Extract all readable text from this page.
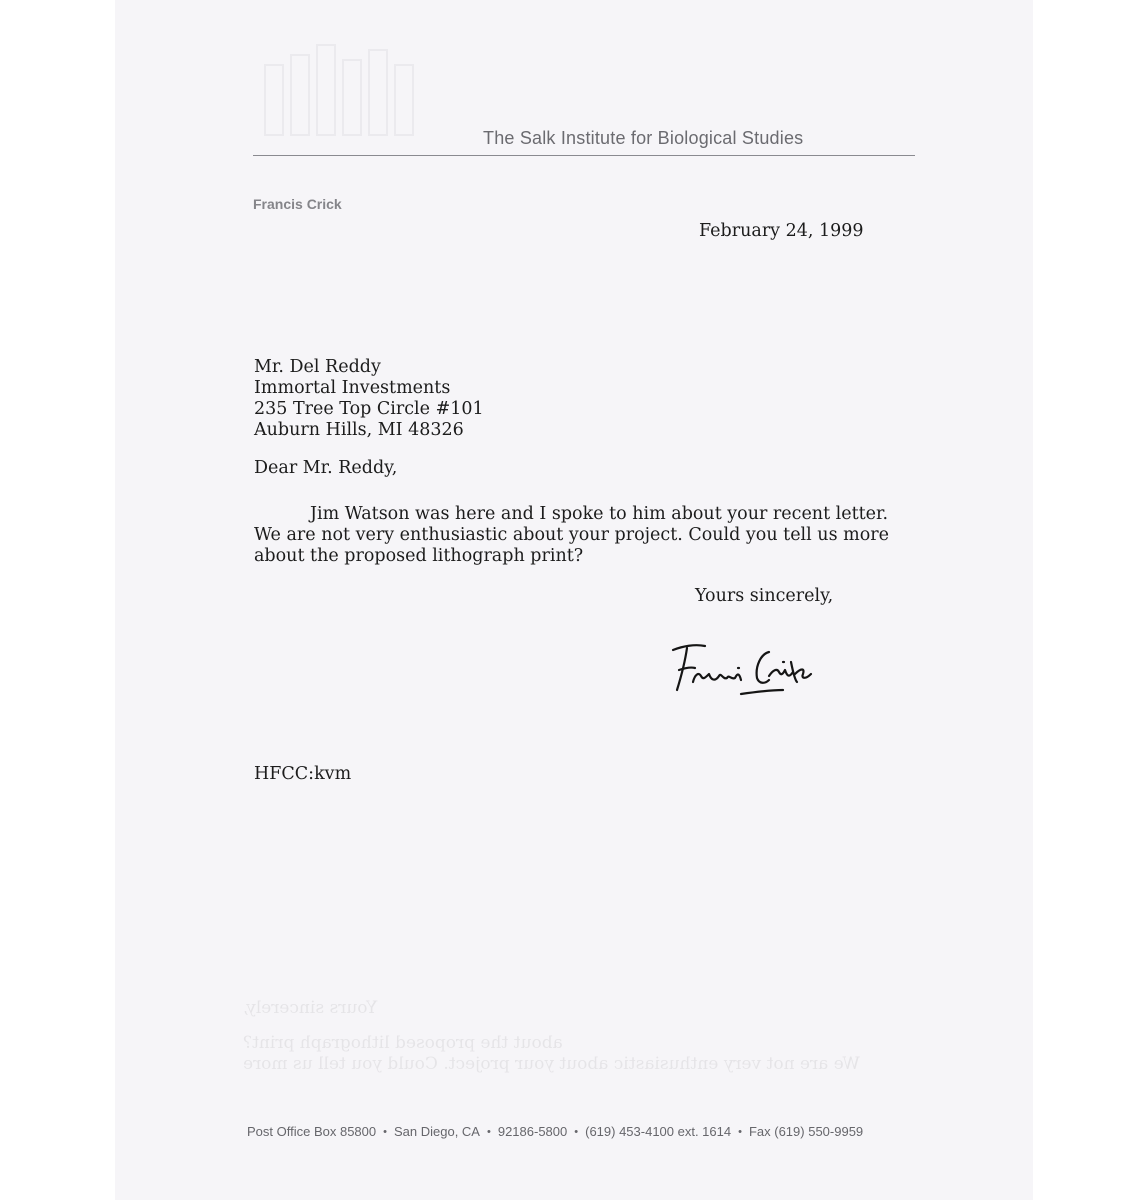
The Salk Institute for Biological Studies
Francis Crick
February 24, 1999
Mr. Del Reddy
Immortal Investments
235 Tree Top Circle #101
Auburn Hills, MI 48326
Dear Mr. Reddy,
Jim Watson was here and I spoke to him about your recent letter.
We are not very enthusiastic about your project. Could you tell us more
about the proposed lithograph print?
Yours sincerely,
HFCC:kvm
Yours sincerely,
about the proposed lithograph print?
We are not very enthusiastic about your project. Could you tell us more
Post Office Box 85800 • San Diego, CA • 92186-5800 • (619) 453-4100 ext. 1614 • Fax (619) 550-9959
